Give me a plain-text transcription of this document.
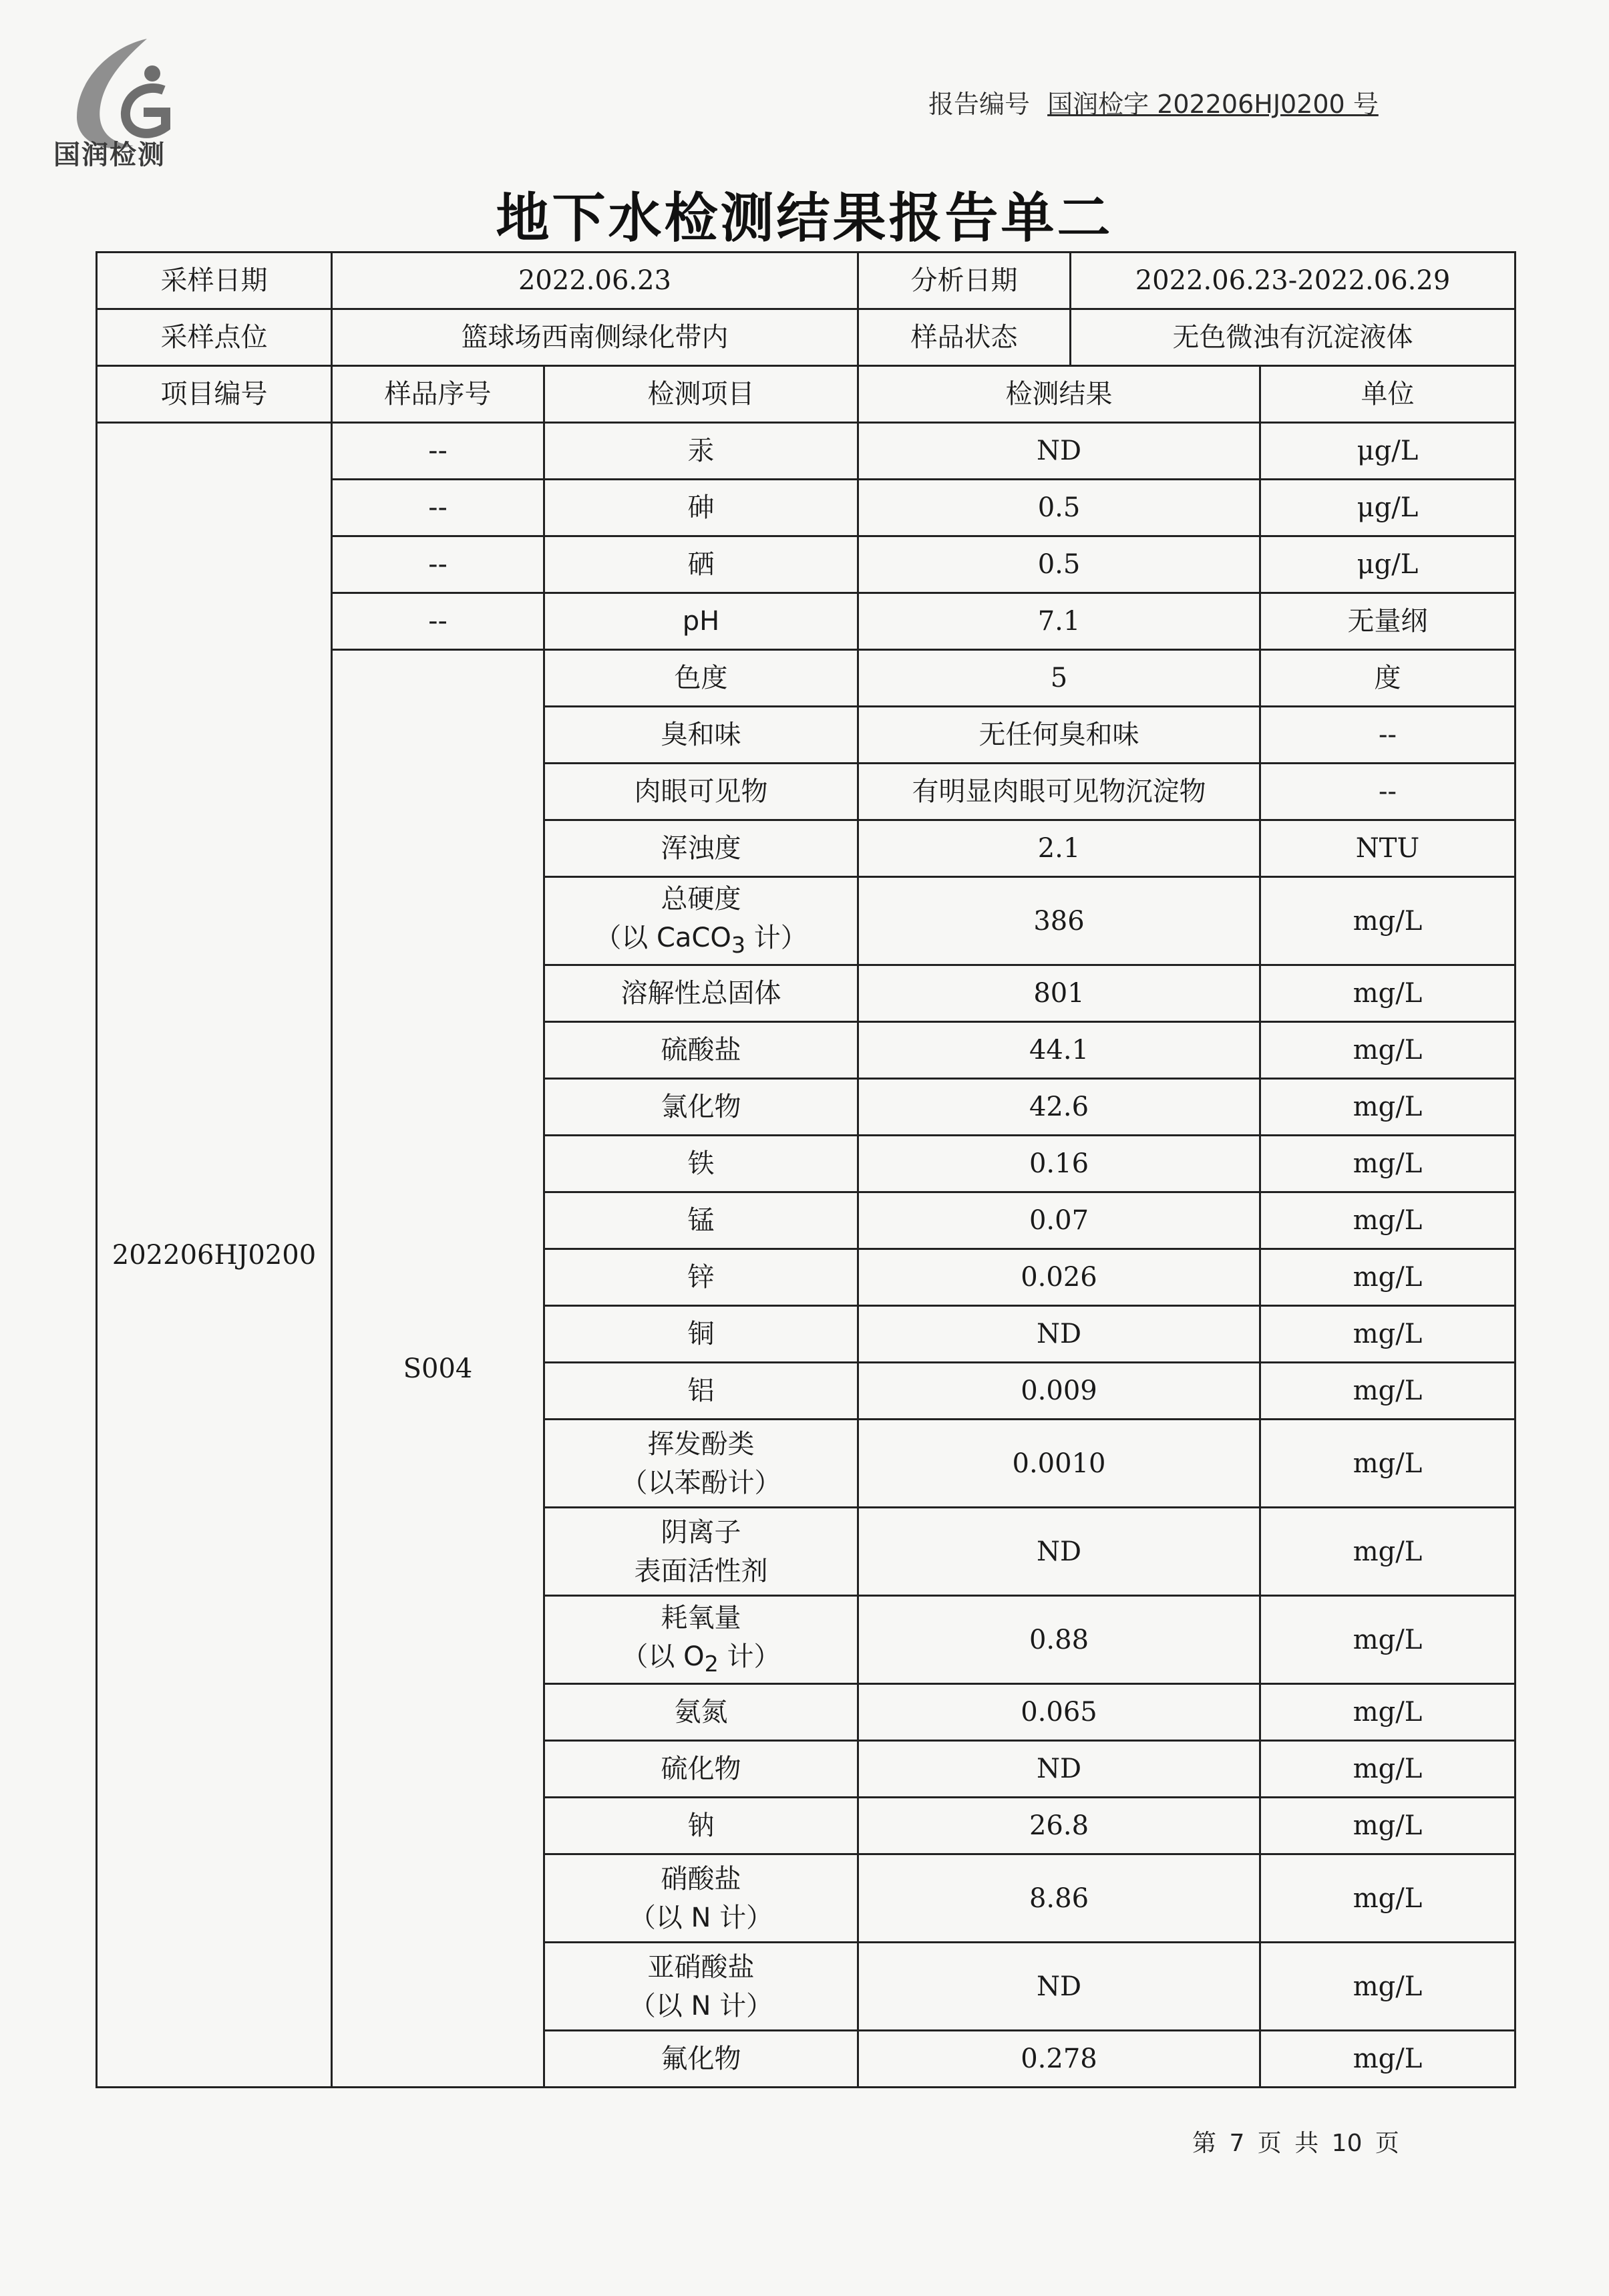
国润检测
报告编号 国润检字 202206HJ0200 号
地下水检测结果报告单二
采样日期	2022.06.23		分析日期	2022.06.23-2022.06.29	
采样点位	篮球场西南侧绿化带内		样品状态	无色微浊有沉淀液体	
项目编号	样品序号	检测项目	检测结果		单位
202206HJ0200	--	汞	ND		μg/L
	--	砷	0.5		μg/L
	--	硒	0.5		μg/L
	--	pH	7.1		无量纲
	S004	色度	5		度

		臭和味	无任何臭和味		--

		肉眼可见物	有明显肉眼可见物沉淀物		--

		浑浊度	2.1		NTU

		总硬度
（以 CaCO$_3$ 计）	386		mg/L

		溶解性总固体	801		mg/L

		硫酸盐	44.1		mg/L

		氯化物	42.6		mg/L

		铁	0.16		mg/L

		锰	0.07		mg/L

		锌	0.026		mg/L

		铜	ND		mg/L

		铝	0.009		mg/L

		挥发酚类
（以苯酚计）	0.0010		mg/L

		阴离子
表面活性剂	ND		mg/L

		耗氧量
（以 $O_2$ 计）	0.88		mg/L

		氨氮	0.065		mg/L

		硫化物	ND		mg/L

		钠	26.8		mg/L

		硝酸盐
（以 N 计）	8.86		mg/L

		亚硝酸盐
（以 N 计）	ND		mg/L

		氟化物	0.278		mg/L
第 7 页 共 10 页
